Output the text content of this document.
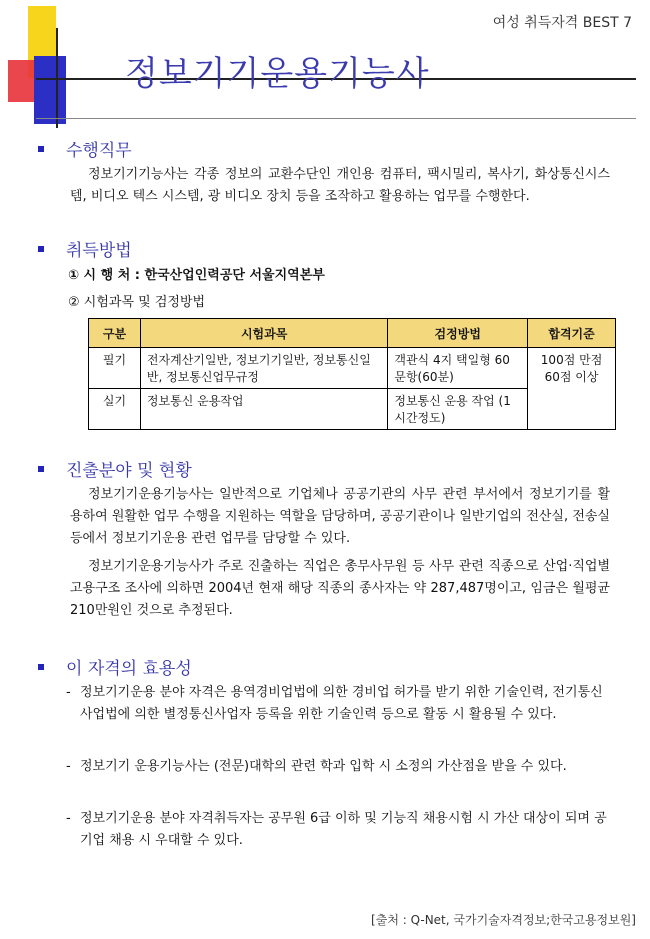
여성 취득자격 BEST 7
정보기기운용기능사
수행직무
정보기기기능사는 각종 정보의 교환수단인 개인용 컴퓨터, 팩시밀리, 복사기, 화상통신시스템, 비디오 텍스 시스템, 광 비디오 장치 등을 조작하고 활용하는 업무를 수행한다.
취득방법
① 시 행 처 : 한국산업인력공단 서울지역본부
② 시험과목 및 검정방법
구분	시험과목	검정방법	합격기준
필기	전자계산기일반, 정보기기일반, 정보통신일반, 정보통신업무규정	객관식 4지 택일형 60문항(60분)	100점 만점 60점 이상
실기	정보통신 운용작업	정보통신 운용 작업 (1시간정도)	
진출분야 및 현황
정보기기운용기능사는 일반적으로 기업체나 공공기관의 사무 관련 부서에서 정보기기를 활용하여 원활한 업무 수행을 지원하는 역할을 담당하며, 공공기관이나 일반기업의 전산실, 전송실 등에서 정보기기운용 관련 업무를 담당할 수 있다.
정보기기운용기능사가 주로 진출하는 직업은 총무사무원 등 사무 관련 직종으로 산업·직업별 고용구조 조사에 의하면 2004년 현재 해당 직종의 종사자는 약 287,487명이고, 임금은 월평균 210만원인 것으로 추정된다.
이 자격의 효용성
- 정보기기운용 분야 자격은 용역경비업법에 의한 경비업 허가를 받기 위한 기술인력, 전기통신사업법에 의한 별정통신사업자 등록을 위한 기술인력 등으로 활동 시 활용될 수 있다.
- 정보기기 운용기능사는 (전문)대학의 관련 학과 입학 시 소정의 가산점을 받을 수 있다.
- 정보기기운용 분야 자격취득자는 공무원 6급 이하 및 기능직 채용시험 시 가산 대상이 되며 공기업 채용 시 우대할 수 있다.
[출처 : Q-Net, 국가기술자격정보;한국고용정보원]
